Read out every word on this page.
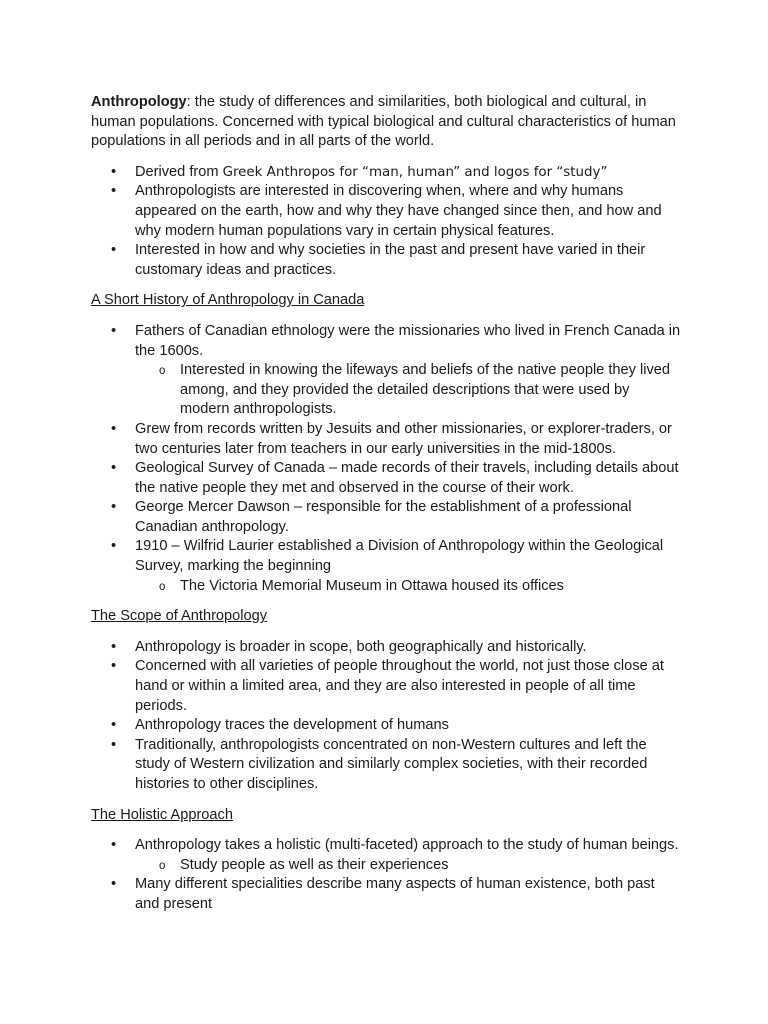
Anthropology: the study of differences and similarities, both biological and cultural, in human populations. Concerned with typical biological and cultural characteristics of human populations in all periods and in all parts of the world.

• Derived from Greek Anthropos for “man, human” and logos for “study”
• Anthropologists are interested in discovering when, where and why humans appeared on the earth, how and why they have changed since then, and how and why modern human populations vary in certain physical features.
• Interested in how and why societies in the past and present have varied in their customary ideas and practices.

A Short History of Anthropology in Canada

• Fathers of Canadian ethnology were the missionaries who lived in French Canada in the 1600s.
o Interested in knowing the lifeways and beliefs of the native people they lived among, and they provided the detailed descriptions that were used by modern anthropologists.
• Grew from records written by Jesuits and other missionaries, or explorer-traders, or two centuries later from teachers in our early universities in the mid-1800s.
• Geological Survey of Canada – made records of their travels, including details about the native people they met and observed in the course of their work.
• George Mercer Dawson – responsible for the establishment of a professional Canadian anthropology.
• 1910 – Wilfrid Laurier established a Division of Anthropology within the Geological Survey, marking the beginning
o The Victoria Memorial Museum in Ottawa housed its offices

The Scope of Anthropology

• Anthropology is broader in scope, both geographically and historically.
• Concerned with all varieties of people throughout the world, not just those close at hand or within a limited area, and they are also interested in people of all time periods.
• Anthropology traces the development of humans
• Traditionally, anthropologists concentrated on non-Western cultures and left the study of Western civilization and similarly complex societies, with their recorded histories to other disciplines.

The Holistic Approach

• Anthropology takes a holistic (multi-faceted) approach to the study of human beings.
o Study people as well as their experiences
• Many different specialities describe many aspects of human existence, both past and present
